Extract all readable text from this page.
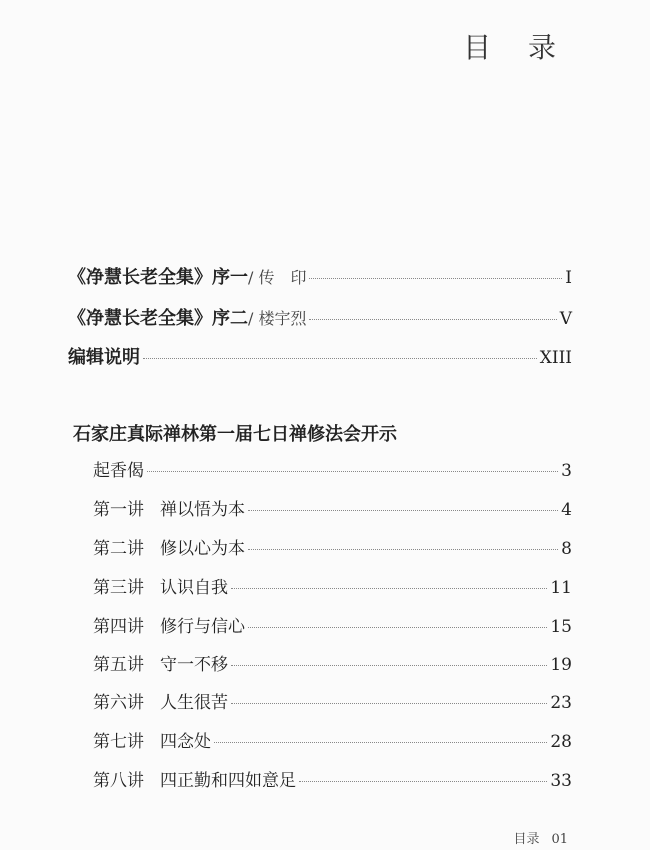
目 录
《净慧长老全集》序一 / 传　印	I
《净慧长老全集》序二 / 楼宇烈	V
编辑说明	XIII
石家庄真际禅林第一届七日禅修法会开示
起香偈	3
第一讲 禅以悟为本	4
第二讲 修以心为本	8
第三讲 认识自我	11
第四讲 修行与信心	15
第五讲 守一不移	19
第六讲 人生很苦	23
第七讲 四念处	28
第八讲 四正勤和四如意足	33
目录 01
